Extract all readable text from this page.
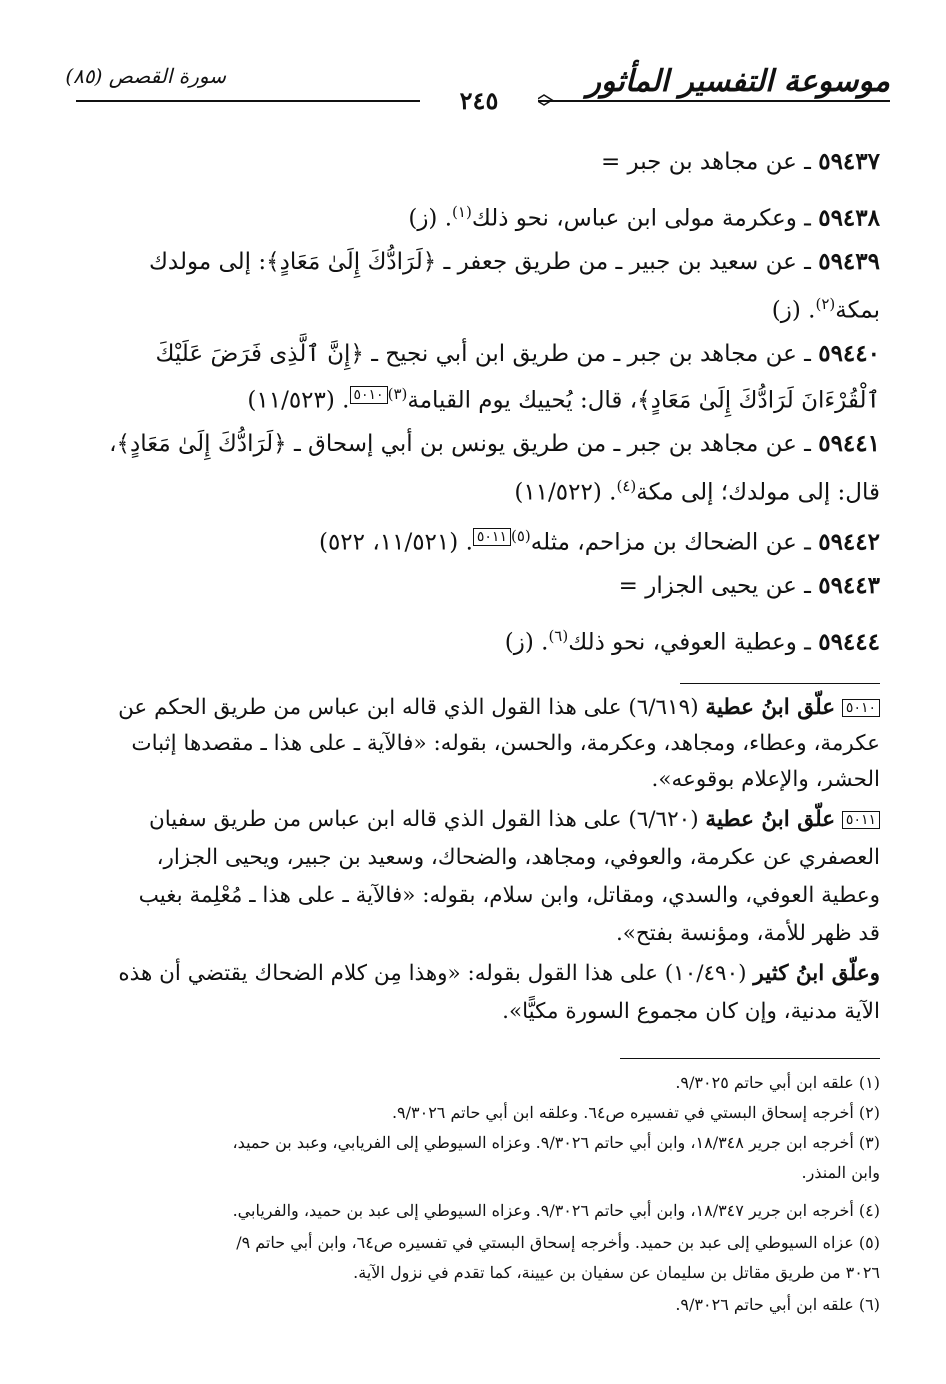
موسوعة التفسير المأثور
سورة القصص (٨٥)
٢٤٥
٥٩٤٣٧ ـ عن مجاهد بن جبر =
٥٩٤٣٨ ـ وعكرمة مولى ابن عباس، نحو ذلك$^{(١)}$. (ز)
٥٩٤٣٩ ـ عن سعيد بن جبير ـ من طريق جعفر ـ ﴿لَرَادُّكَ إِلَىٰ مَعَادٍ﴾: إلى مولدك
بمكة$^{(٢)}$. (ز)
٥٩٤٤٠ ـ عن مجاهد بن جبر ـ من طريق ابن أبي نجيح ـ ﴿إِنَّ ٱلَّذِى فَرَضَ عَلَيْكَ
ٱلْقُرْءَانَ لَرَادُّكَ إِلَىٰ مَعَادٍ﴾، قال: يُحييك يوم القيامة$^{(٣)}$٥٠١٠. (١١/٥٢٣)
٥٩٤٤١ ـ عن مجاهد بن جبر ـ من طريق يونس بن أبي إسحاق ـ ﴿لَرَادُّكَ إِلَىٰ مَعَادٍ﴾،
قال: إلى مولدك؛ إلى مكة$^{(٤)}$. (١١/٥٢٢)
٥٩٤٤٢ ـ عن الضحاك بن مزاحم، مثله$^{(٥)}$٥٠١١. (١١/٥٢١، ٥٢٢)
٥٩٤٤٣ ـ عن يحيى الجزار =
٥٩٤٤٤ ـ وعطية العوفي، نحو ذلك$^{(٦)}$. (ز)
٥٠١٠ علّق ابنُ عطية (٦/٦١٩) على هذا القول الذي قاله ابن عباس من طريق الحكم عن
عكرمة، وعطاء، ومجاهد، وعكرمة، والحسن، بقوله: «فالآية ـ على هذا ـ مقصدها إثبات
الحشر، والإعلام بوقوعه».
٥٠١١ علّق ابنُ عطية (٦/٦٢٠) على هذا القول الذي قاله ابن عباس من طريق سفيان
العصفري عن عكرمة، والعوفي، ومجاهد، والضحاك، وسعيد بن جبير، ويحيى الجزار،
وعطية العوفي، والسدي، ومقاتل، وابن سلام، بقوله: «فالآية ـ على هذا ـ مُعْلِمة بغيب
قد ظهر للأمة، ومؤنسة بفتح».
وعلّق ابنُ كثير (١٠/٤٩٠) على هذا القول بقوله: «وهذا مِن كلام الضحاك يقتضي أن هذه
الآية مدنية، وإن كان مجموع السورة مكيًّا».
(١) علقه ابن أبي حاتم ٩/٣٠٢٥.
(٢) أخرجه إسحاق البستي في تفسيره ص٦٤. وعلقه ابن أبي حاتم ٩/٣٠٢٦.
(٣) أخرجه ابن جرير ١٨/٣٤٨، وابن أبي حاتم ٩/٣٠٢٦. وعزاه السيوطي إلى الفريابي، وعبد بن حميد،
وابن المنذر.
(٤) أخرجه ابن جرير ١٨/٣٤٧، وابن أبي حاتم ٩/٣٠٢٦. وعزاه السيوطي إلى عبد بن حميد، والفريابي.
(٥) عزاه السيوطي إلى عبد بن حميد. وأخرجه إسحاق البستي في تفسيره ص٦٤، وابن أبي حاتم ٩/
٣٠٢٦ من طريق مقاتل بن سليمان عن سفيان بن عيينة، كما تقدم في نزول الآية.
(٦) علقه ابن أبي حاتم ٩/٣٠٢٦.
